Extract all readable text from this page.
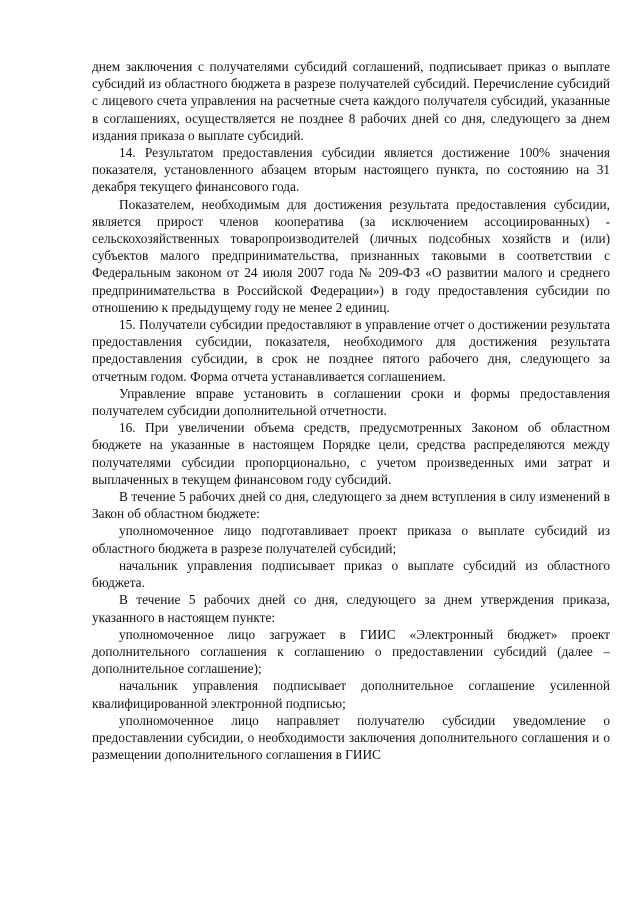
днем заключения с получателями субсидий соглашений, подписывает приказ о выплате субсидий из областного бюджета в разрезе получателей субсидий. Перечисление субсидий с лицевого счета управления на расчетные счета каждого получателя субсидий, указанные в соглашениях, осуществляется не позднее 8 рабочих дней со дня, следующего за днем издания приказа о выплате субсидий.

14. Результатом предоставления субсидии является достижение 100% значения показателя, установленного абзацем вторым настоящего пункта, по состоянию на 31 декабря текущего финансового года.

Показателем, необходимым для достижения результата предоставления субсидии, является прирост членов кооператива (за исключением ассоциированных) - сельскохозяйственных товаропроизводителей (личных подсобных хозяйств и (или) субъектов малого предпринимательства, признанных таковыми в соответствии с Федеральным законом от 24 июля 2007 года № 209-ФЗ «О развитии малого и среднего предпринимательства в Российской Федерации») в году предоставления субсидии по отношению к предыдущему году не менее 2 единиц.

15. Получатели субсидии предоставляют в управление отчет о достижении результата предоставления субсидии, показателя, необходимого для достижения результата предоставления субсидии, в срок не позднее пятого рабочего дня, следующего за отчетным годом. Форма отчета устанавливается соглашением.

Управление вправе установить в соглашении сроки и формы предоставления получателем субсидии дополнительной отчетности.

16. При увеличении объема средств, предусмотренных Законом об областном бюджете на указанные в настоящем Порядке цели, средства распределяются между получателями субсидии пропорционально, с учетом произведенных ими затрат и выплаченных в текущем финансовом году субсидий.

В течение 5 рабочих дней со дня, следующего за днем вступления в силу изменений в Закон об областном бюджете:

уполномоченное лицо подготавливает проект приказа о выплате субсидий из областного бюджета в разрезе получателей субсидий;

начальник управления подписывает приказ о выплате субсидий из областного бюджета.

В течение 5 рабочих дней со дня, следующего за днем утверждения приказа, указанного в настоящем пункте:

уполномоченное лицо загружает в ГИИС «Электронный бюджет» проект дополнительного соглашения к соглашению о предоставлении субсидий (далее – дополнительное соглашение);

начальник управления подписывает дополнительное соглашение усиленной квалифицированной электронной подписью;

уполномоченное лицо направляет получателю субсидии уведомление о предоставлении субсидии, о необходимости заключения дополнительного соглашения и о размещении дополнительного соглашения в ГИИС
